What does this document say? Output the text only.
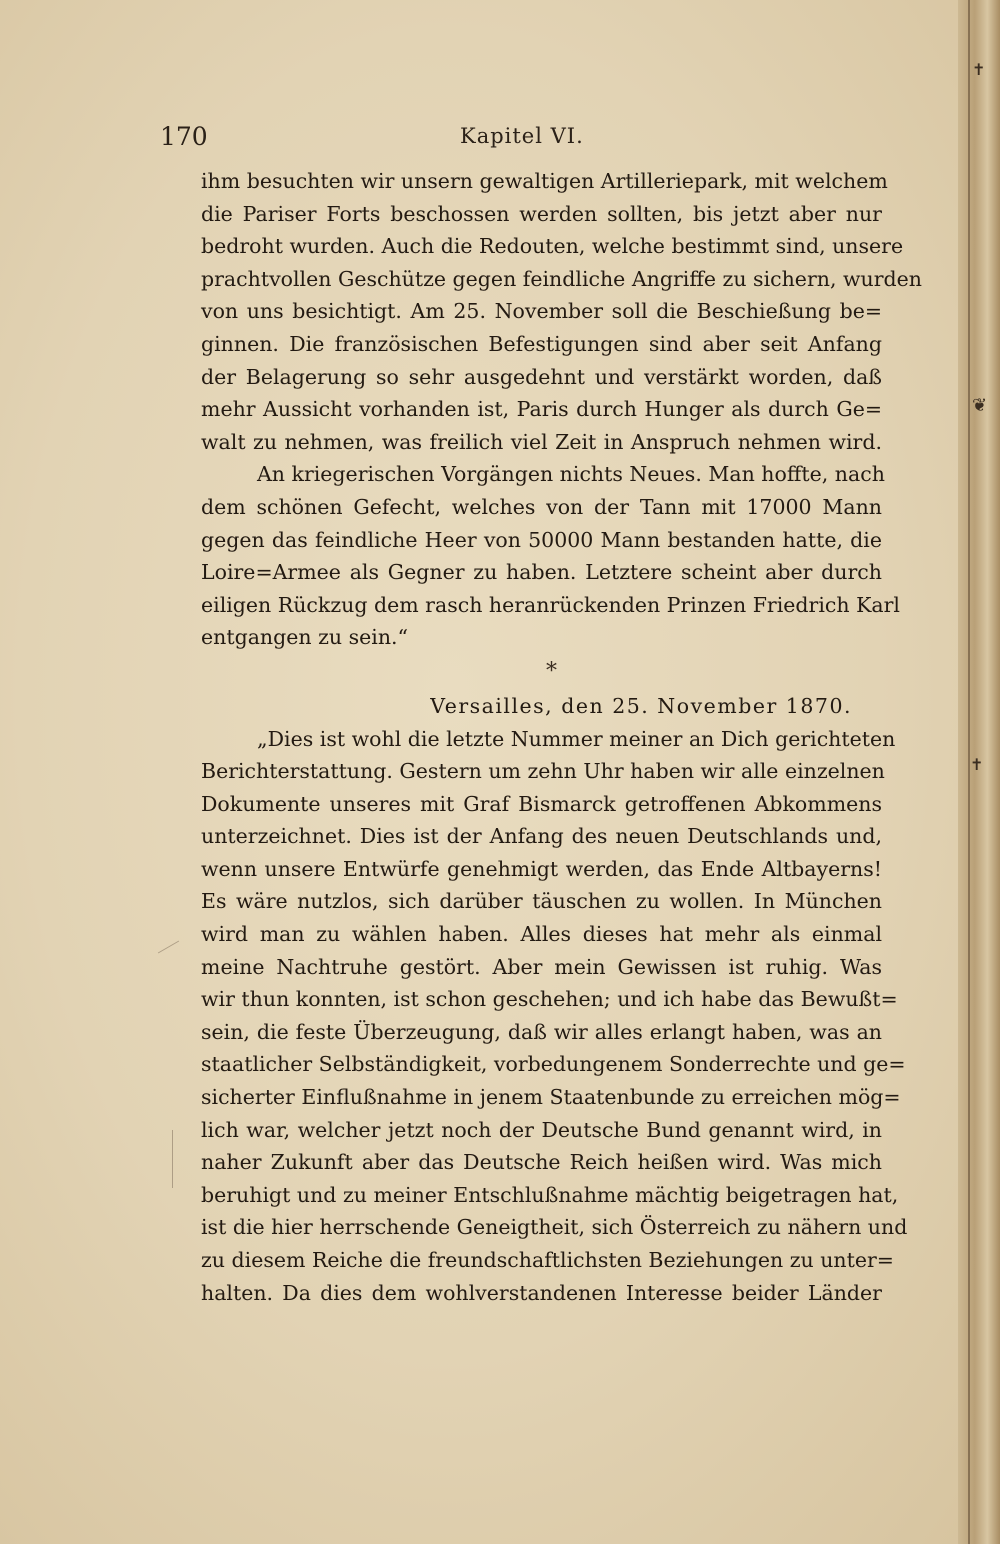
170	Kapitel VI.
ihm besuchten wir unsern gewaltigen Artilleriepark, mit welchem
die Pariser Forts beschossen werden sollten, bis jetzt aber nur
bedroht wurden. Auch die Redouten, welche bestimmt sind, unsere
prachtvollen Geschütze gegen feindliche Angriffe zu sichern, wurden
von uns besichtigt. Am 25. November soll die Beschießung be=
ginnen. Die französischen Befestigungen sind aber seit Anfang
der Belagerung so sehr ausgedehnt und verstärkt worden, daß
mehr Aussicht vorhanden ist, Paris durch Hunger als durch Ge=
walt zu nehmen, was freilich viel Zeit in Anspruch nehmen wird.
An kriegerischen Vorgängen nichts Neues. Man hoffte, nach
dem schönen Gefecht, welches von der Tann mit 17000 Mann
gegen das feindliche Heer von 50000 Mann bestanden hatte, die
Loire=Armee als Gegner zu haben. Letztere scheint aber durch
eiligen Rückzug dem rasch heranrückenden Prinzen Friedrich Karl
entgangen zu sein.“
*
Versailles, den 25. November 1870.
„Dies ist wohl die letzte Nummer meiner an Dich gerichteten
Berichterstattung. Gestern um zehn Uhr haben wir alle einzelnen
Dokumente unseres mit Graf Bismarck getroffenen Abkommens
unterzeichnet. Dies ist der Anfang des neuen Deutschlands und,
wenn unsere Entwürfe genehmigt werden, das Ende Altbayerns!
Es wäre nutzlos, sich darüber täuschen zu wollen. In München
wird man zu wählen haben. Alles dieses hat mehr als einmal
meine Nachtruhe gestört. Aber mein Gewissen ist ruhig. Was
wir thun konnten, ist schon geschehen; und ich habe das Bewußt=
sein, die feste Überzeugung, daß wir alles erlangt haben, was an
staatlicher Selbständigkeit, vorbedungenem Sonderrechte und ge=
sicherter Einflußnahme in jenem Staatenbunde zu erreichen mög=
lich war, welcher jetzt noch der Deutsche Bund genannt wird, in
naher Zukunft aber das Deutsche Reich heißen wird. Was mich
beruhigt und zu meiner Entschlußnahme mächtig beigetragen hat,
ist die hier herrschende Geneigtheit, sich Österreich zu nähern und
zu diesem Reiche die freundschaftlichsten Beziehungen zu unter=
halten. Da dies dem wohlverstandenen Interesse beider Länder
❦
✝
✝
